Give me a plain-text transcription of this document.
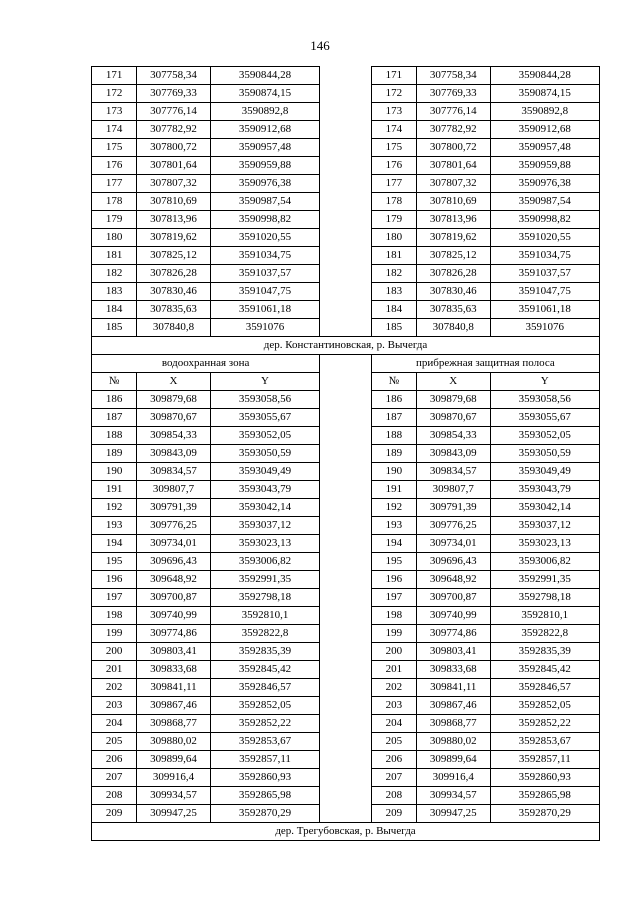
146
171	307758,34	3590844,28		171	307758,34	3590844,28
172	307769,33	3590874,15		172	307769,33	3590874,15
173	307776,14	3590892,8		173	307776,14	3590892,8
174	307782,92	3590912,68		174	307782,92	3590912,68
175	307800,72	3590957,48		175	307800,72	3590957,48
176	307801,64	3590959,88		176	307801,64	3590959,88
177	307807,32	3590976,38		177	307807,32	3590976,38
178	307810,69	3590987,54		178	307810,69	3590987,54
179	307813,96	3590998,82		179	307813,96	3590998,82
180	307819,62	3591020,55		180	307819,62	3591020,55
181	307825,12	3591034,75		181	307825,12	3591034,75
182	307826,28	3591037,57		182	307826,28	3591037,57
183	307830,46	3591047,75		183	307830,46	3591047,75
184	307835,63	3591061,18		184	307835,63	3591061,18
185	307840,8	3591076		185	307840,8	3591076
дер. Константиновская, р. Вычегда						
водоохранная зона				прибрежная защитная полоса		
№	X	Y		№	X	Y
186	309879,68	3593058,56		186	309879,68	3593058,56
187	309870,67	3593055,67		187	309870,67	3593055,67
188	309854,33	3593052,05		188	309854,33	3593052,05
189	309843,09	3593050,59		189	309843,09	3593050,59
190	309834,57	3593049,49		190	309834,57	3593049,49
191	309807,7	3593043,79		191	309807,7	3593043,79
192	309791,39	3593042,14		192	309791,39	3593042,14
193	309776,25	3593037,12		193	309776,25	3593037,12
194	309734,01	3593023,13		194	309734,01	3593023,13
195	309696,43	3593006,82		195	309696,43	3593006,82
196	309648,92	3592991,35		196	309648,92	3592991,35
197	309700,87	3592798,18		197	309700,87	3592798,18
198	309740,99	3592810,1		198	309740,99	3592810,1
199	309774,86	3592822,8		199	309774,86	3592822,8
200	309803,41	3592835,39		200	309803,41	3592835,39
201	309833,68	3592845,42		201	309833,68	3592845,42
202	309841,11	3592846,57		202	309841,11	3592846,57
203	309867,46	3592852,05		203	309867,46	3592852,05
204	309868,77	3592852,22		204	309868,77	3592852,22
205	309880,02	3592853,67		205	309880,02	3592853,67
206	309899,64	3592857,11		206	309899,64	3592857,11
207	309916,4	3592860,93		207	309916,4	3592860,93
208	309934,57	3592865,98		208	309934,57	3592865,98
209	309947,25	3592870,29		209	309947,25	3592870,29
дер. Трегубовская, р. Вычегда						
